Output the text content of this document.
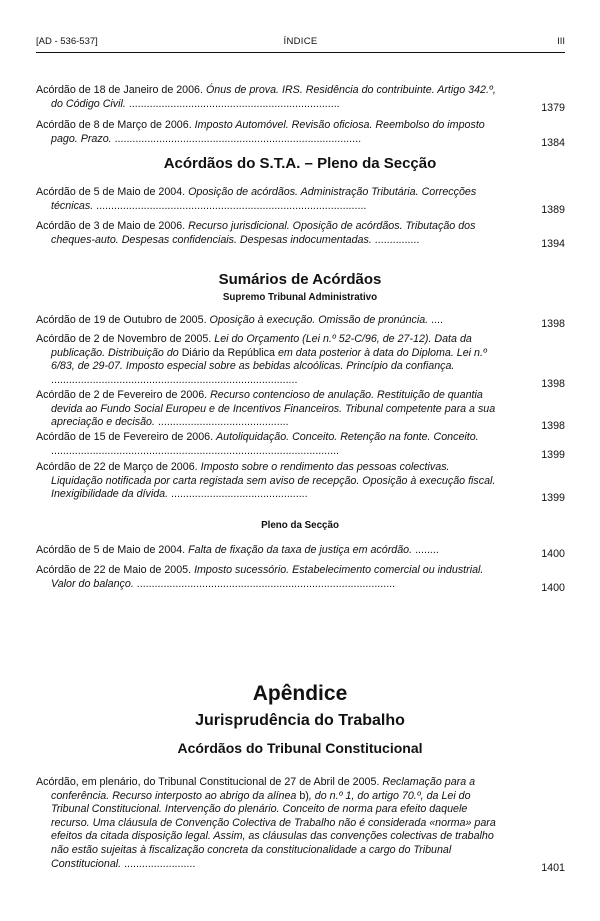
[AD - 536-537]	ÍNDICE	III
Acórdão de 18 de Janeiro de 2006. Ónus de prova. IRS. Residência do contribuinte. Artigo 342.º, do Código Civil. .......................................................................	1379
Acórdão de 8 de Março de 2006. Imposto Automóvel. Revisão oficiosa. Reembolso do imposto pago. Prazo. ...................................................................................	1384
Acórdãos do S.T.A. – Pleno da Secção
Acórdão de 5 de Maio de 2004. Oposição de acórdãos. Administração Tributária. Correcções técnicas. ...........................................................................................	1389
Acórdão de 3 de Maio de 2006. Recurso jurisdicional. Oposição de acórdãos. Tributação dos cheques-auto. Despesas confidenciais. Despesas indocumentadas. ...............	1394
Sumários de Acórdãos
Supremo Tribunal Administrativo
Acórdão de 19 de Outubro de 2005. Oposição à execução. Omissão de pronúncia. ....	1398
Acórdão de 2 de Novembro de 2005. Lei do Orçamento (Lei n.º 52-C/96, de 27-12). Data da publicação. Distribuição do Diário da República em data posterior à data do Diploma. Lei n.º 6/83, de 29-07. Imposto especial sobre as bebidas alcoólicas. Princípio da confiança. ...................................................................................	1398
Acórdão de 2 de Fevereiro de 2006. Recurso contencioso de anulação. Restituição de quantia devida ao Fundo Social Europeu e de Incentivos Financeiros. Tribunal competente para a sua apreciação e decisão. ............................................	1398
Acórdão de 15 de Fevereiro de 2006. Autoliquidação. Conceito. Retenção na fonte. Conceito. .................................................................................................	1399
Acórdão de 22 de Março de 2006. Imposto sobre o rendimento das pessoas colectivas. Liquidação notificada por carta registada sem aviso de recepção. Oposição à execução fiscal. Inexigibilidade da dívida. ..............................................	1399
Pleno da Secção
Acórdão de 5 de Maio de 2004. Falta de fixação da taxa de justiça em acórdão. ........	1400
Acórdão de 22 de Maio de 2005. Imposto sucessório. Estabelecimento comercial ou industrial. Valor do balanço. .......................................................................................	1400
Apêndice
Jurisprudência do Trabalho
Acórdãos do Tribunal Constitucional
Acórdão, em plenário, do Tribunal Constitucional de 27 de Abril de 2005. Reclamação para a conferência. Recurso interposto ao abrigo da alínea b), do n.º 1, do artigo 70.º, da Lei do Tribunal Constitucional. Intervenção do plenário. Conceito de norma para efeito daquele recurso. Uma cláusula de Convenção Colectiva de Trabalho não é considerada «norma» para efeitos da citada disposição legal. Assim, as cláusulas das convenções colectivas de trabalho não estão sujeitas à fiscalização concreta da constitucionalidade a cargo do Tribunal Constitucional. ........................	1401
